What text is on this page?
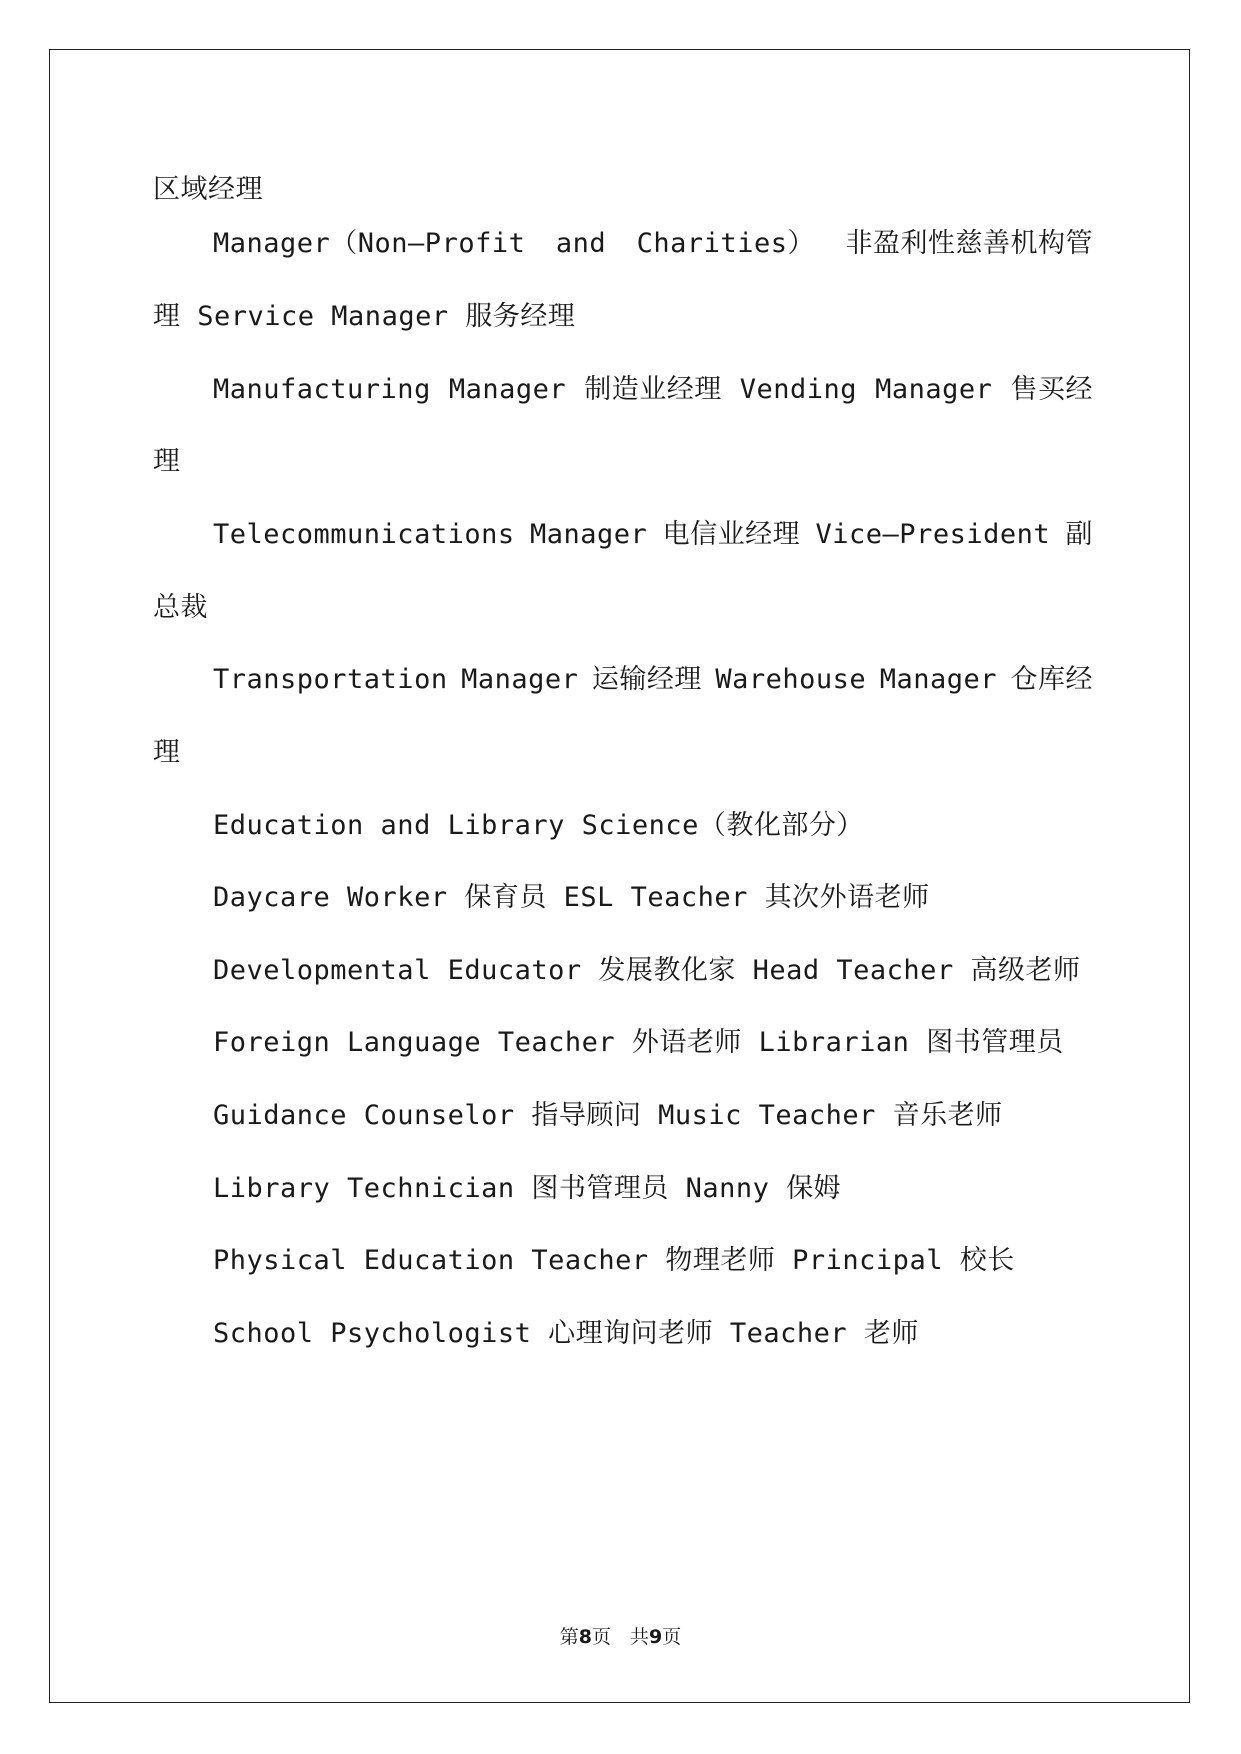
区域经理
Manager（Non—Profit and Charities） 非盈利性慈善机构管
理 Service Manager 服务经理
Manufacturing Manager 制造业经理 Vending Manager 售买经
理
Telecommunications Manager 电信业经理 Vice—President 副
总裁
Transportation Manager 运输经理 Warehouse Manager 仓库经
理
Education and Library Science（教化部分）
Daycare Worker 保育员 ESL Teacher 其次外语老师
Developmental Educator 发展教化家 Head Teacher 高级老师
Foreign Language Teacher 外语老师 Librarian 图书管理员
Guidance Counselor 指导顾问 Music Teacher 音乐老师
Library Technician 图书管理员 Nanny 保姆
Physical Education Teacher 物理老师 Principal 校长
School Psychologist 心理询问老师 Teacher 老师
第8页　共9页
